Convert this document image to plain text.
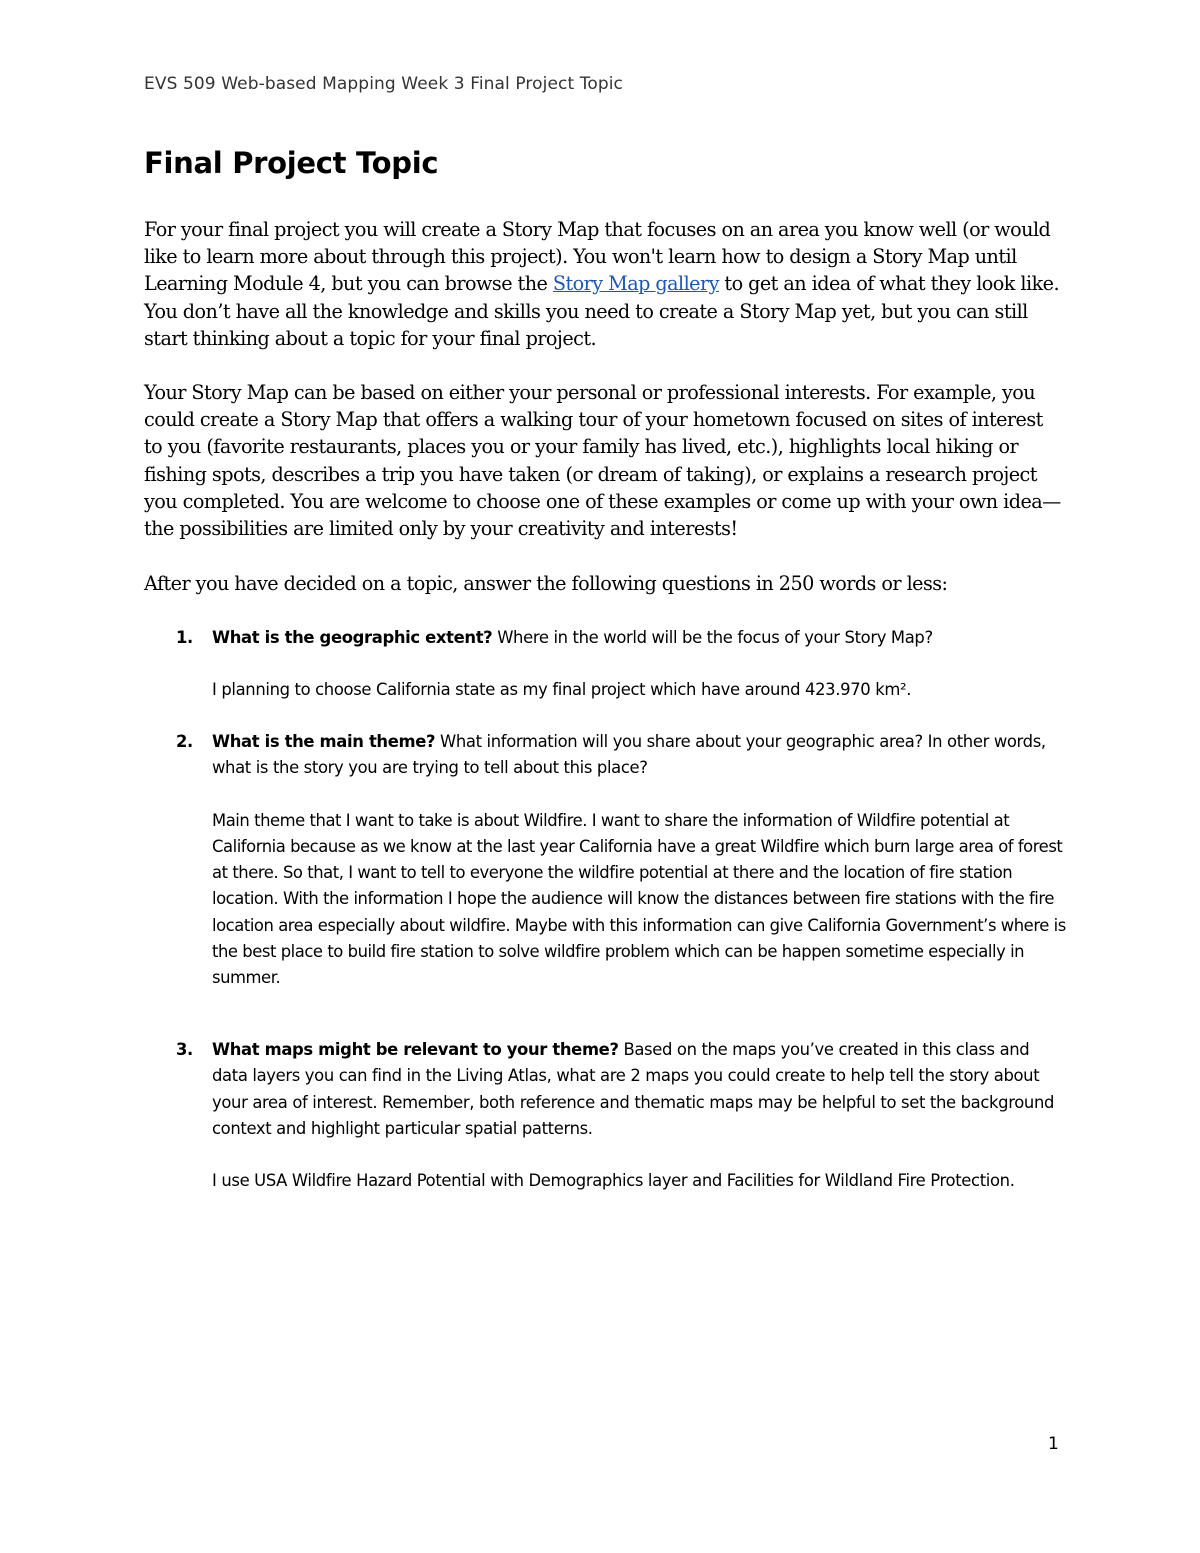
EVS 509 Web-based Mapping Week 3 Final Project Topic
Final Project Topic

For your final project you will create a Story Map that focuses on an area you know well (or would like to learn more about through this project). You won't learn how to design a Story Map until Learning Module 4, but you can browse the Story Map gallery to get an idea of what they look like. You don’t have all the knowledge and skills you need to create a Story Map yet, but you can still start thinking about a topic for your final project.

Your Story Map can be based on either your personal or professional interests. For example, you could create a Story Map that offers a walking tour of your hometown focused on sites of interest to you (favorite restaurants, places you or your family has lived, etc.), highlights local hiking or fishing spots, describes a trip you have taken (or dream of taking), or explains a research project you completed. You are welcome to choose one of these examples or come up with your own idea—the possibilities are limited only by your creativity and interests!

After you have decided on a topic, answer the following questions in 250 words or less:

1. What is the geographic extent? Where in the world will be the focus of your Story Map?

I planning to choose California state as my final project which have around 423.970 km².

2. What is the main theme? What information will you share about your geographic area? In other words, what is the story you are trying to tell about this place?

Main theme that I want to take is about Wildfire. I want to share the information of Wildfire potential at California because as we know at the last year California have a great Wildfire which burn large area of forest at there. So that, I want to tell to everyone the wildfire potential at there and the location of fire station location. With the information I hope the audience will know the distances between fire stations with the fire location area especially about wildfire. Maybe with this information can give California Government’s where is the best place to build fire station to solve wildfire problem which can be happen sometime especially in summer.

3. What maps might be relevant to your theme? Based on the maps you’ve created in this class and data layers you can find in the Living Atlas, what are 2 maps you could create to help tell the story about your area of interest. Remember, both reference and thematic maps may be helpful to set the background context and highlight particular spatial patterns.

I use USA Wildfire Hazard Potential with Demographics layer and Facilities for Wildland Fire Protection.

1
